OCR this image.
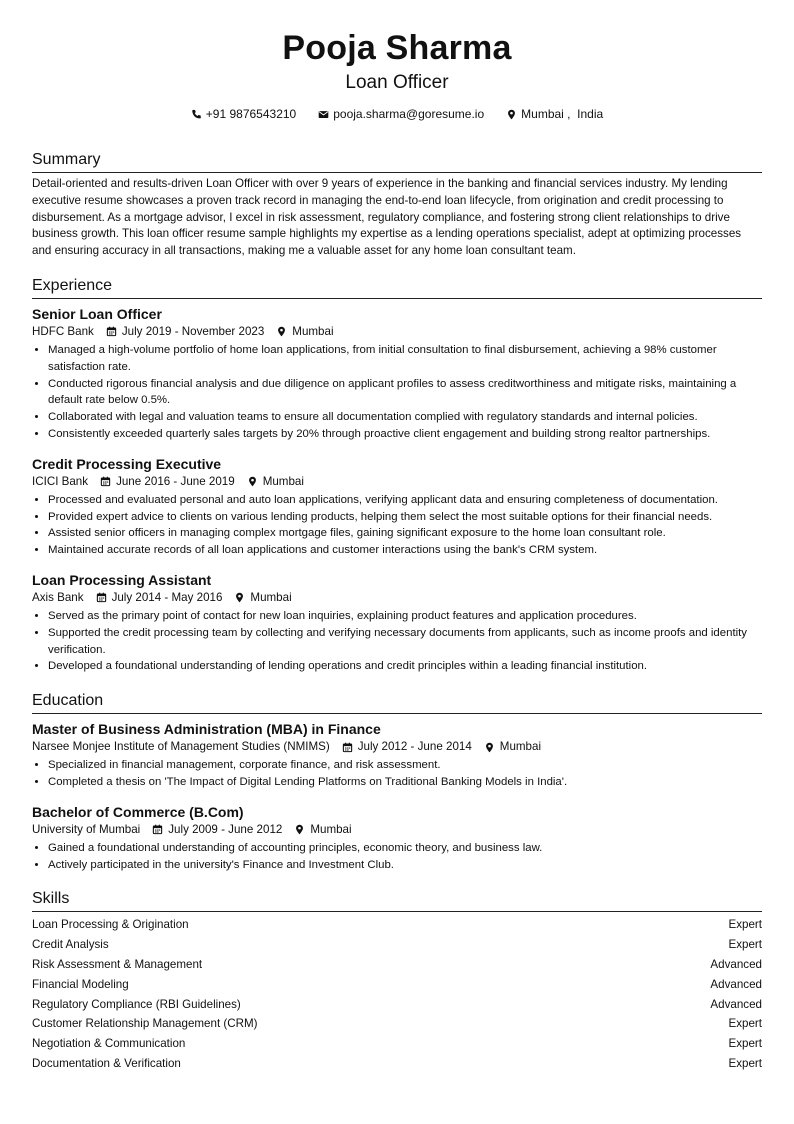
Pooja Sharma
Loan Officer
+91 9876543210	pooja.sharma@goresume.io	Mumbai ,  India
Summary

Detail-oriented and results-driven Loan Officer with over 9 years of experience in the banking and financial services industry. My lending executive resume showcases a proven track record in managing the end-to-end loan lifecycle, from origination and credit processing to disbursement. As a mortgage advisor, I excel in risk assessment, regulatory compliance, and fostering strong client relationships to drive business growth. This loan officer resume sample highlights my expertise as a lending operations specialist, adept at optimizing processes and ensuring accuracy in all transactions, making me a valuable asset for any home loan consultant team.

Experience
Senior Loan Officer
HDFC Bank July 2019 - November 2023 Mumbai
• Managed a high-volume portfolio of home loan applications, from initial consultation to final disbursement, achieving a 98% customer satisfaction rate.
• Conducted rigorous financial analysis and due diligence on applicant profiles to assess creditworthiness and mitigate risks, maintaining a default rate below 0.5%.
• Collaborated with legal and valuation teams to ensure all documentation complied with regulatory standards and internal policies.
• Consistently exceeded quarterly sales targets by 20% through proactive client engagement and building strong realtor partnerships.
Credit Processing Executive
ICICI Bank June 2016 - June 2019 Mumbai
• Processed and evaluated personal and auto loan applications, verifying applicant data and ensuring completeness of documentation.
• Provided expert advice to clients on various lending products, helping them select the most suitable options for their financial needs.
• Assisted senior officers in managing complex mortgage files, gaining significant exposure to the home loan consultant role.
• Maintained accurate records of all loan applications and customer interactions using the bank's CRM system.
Loan Processing Assistant
Axis Bank July 2014 - May 2016 Mumbai
• Served as the primary point of contact for new loan inquiries, explaining product features and application procedures.
• Supported the credit processing team by collecting and verifying necessary documents from applicants, such as income proofs and identity verification.
• Developed a foundational understanding of lending operations and credit principles within a leading financial institution.
Education
Master of Business Administration (MBA) in Finance
Narsee Monjee Institute of Management Studies (NMIMS) July 2012 - June 2014 Mumbai
• Specialized in financial management, corporate finance, and risk assessment.
• Completed a thesis on 'The Impact of Digital Lending Platforms on Traditional Banking Models in India'.
Bachelor of Commerce (B.Com)
University of Mumbai July 2009 - June 2012 Mumbai
• Gained a foundational understanding of accounting principles, economic theory, and business law.
• Actively participated in the university's Finance and Investment Club.
Skills
Loan Processing & Origination	Expert
Credit Analysis	Expert
Risk Assessment & Management	Advanced
Financial Modeling	Advanced
Regulatory Compliance (RBI Guidelines)	Advanced
Customer Relationship Management (CRM)	Expert
Negotiation & Communication	Expert
Documentation & Verification	Expert
